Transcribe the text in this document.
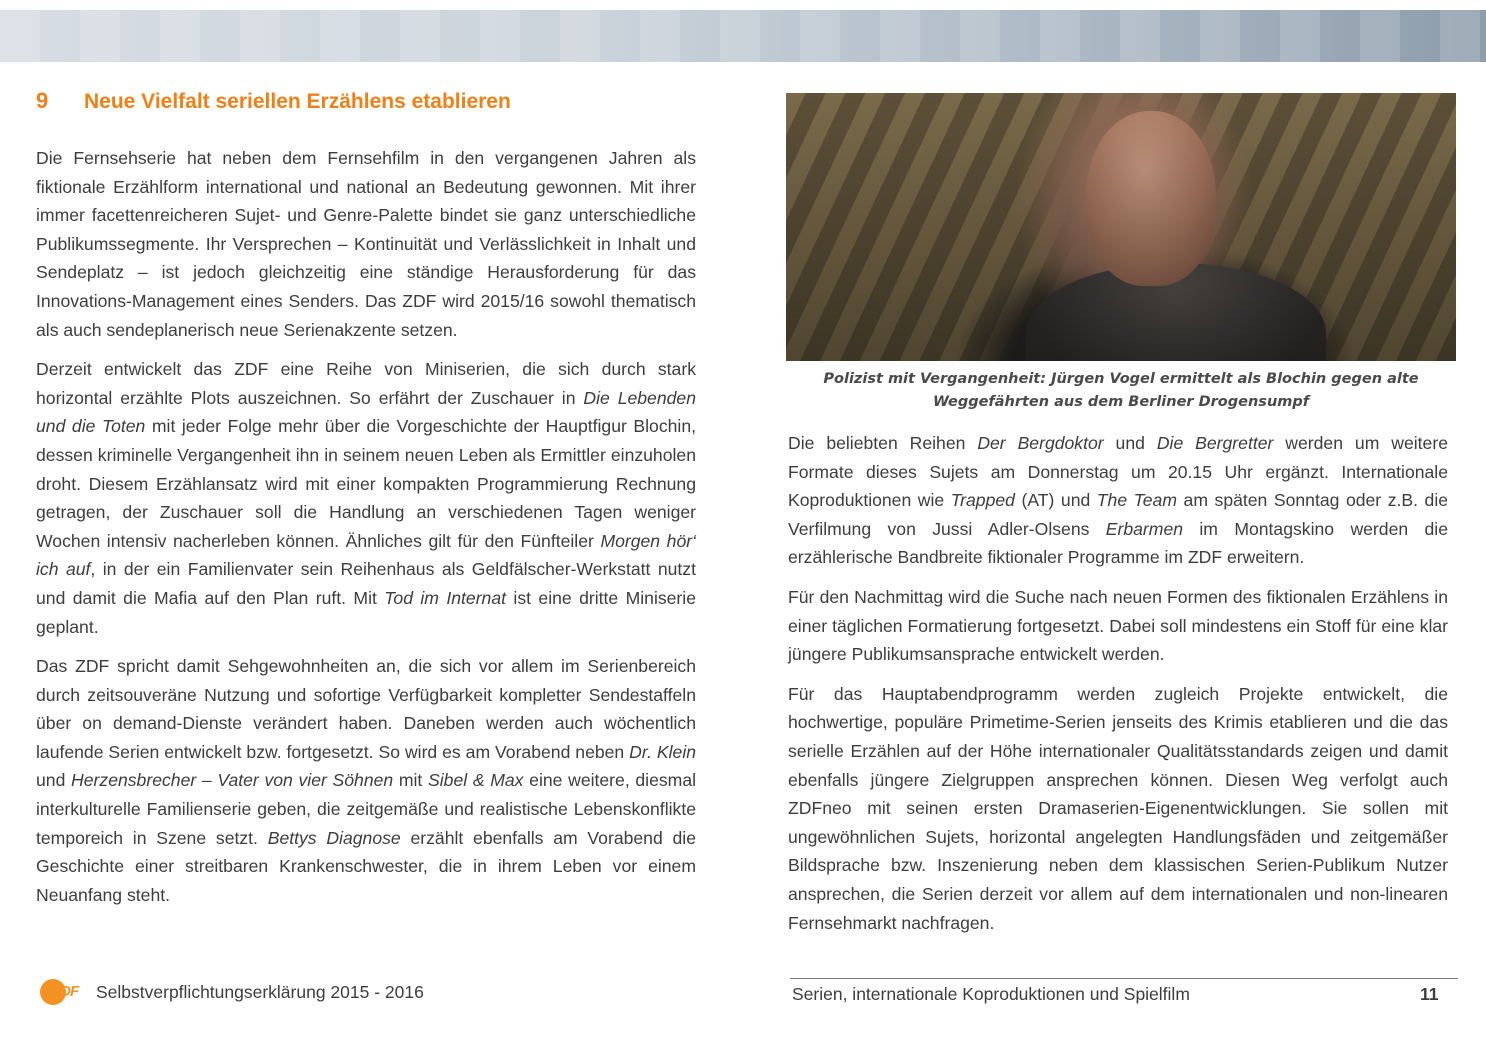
9 Neue Vielfalt seriellen Erzählens etablieren

Die Fernsehserie hat neben dem Fernsehfilm in den vergangenen Jahren als fiktionale Erzählform international und national an Bedeutung gewonnen. Mit ihrer immer facettenreicheren Sujet- und Genre-Palette bindet sie ganz unterschiedliche Publikumssegmente. Ihr Versprechen – Kontinuität und Verlässlichkeit in Inhalt und Sendeplatz – ist jedoch gleichzeitig eine ständige Herausforderung für das Innovations-Management eines Senders. Das ZDF wird 2015/16 sowohl thematisch als auch sendeplanerisch neue Serienakzente setzen.

Derzeit entwickelt das ZDF eine Reihe von Miniserien, die sich durch stark horizontal erzählte Plots auszeichnen. So erfährt der Zuschauer in Die Lebenden und die Toten mit jeder Folge mehr über die Vorgeschichte der Hauptfigur Blochin, dessen kriminelle Vergangenheit ihn in seinem neuen Leben als Ermittler einzuholen droht. Diesem Erzählansatz wird mit einer kompakten Programmierung Rechnung getragen, der Zuschauer soll die Handlung an verschiedenen Tagen weniger Wochen intensiv nacherleben können. Ähnliches gilt für den Fünfteiler Morgen hör‘ ich auf, in der ein Familienvater sein Reihenhaus als Geldfälscher-Werkstatt nutzt und damit die Mafia auf den Plan ruft. Mit Tod im Internat ist eine dritte Miniserie geplant.

Das ZDF spricht damit Sehgewohnheiten an, die sich vor allem im Serienbereich durch zeitsouveräne Nutzung und sofortige Verfügbarkeit kompletter Sendestaffeln über on demand-Dienste verändert haben. Daneben werden auch wöchentlich laufende Serien entwickelt bzw. fortgesetzt. So wird es am Vorabend neben Dr. Klein und Herzensbrecher – Vater von vier Söhnen mit Sibel & Max eine weitere, diesmal interkulturelle Familienserie geben, die zeitgemäße und realistische Lebenskonflikte temporeich in Szene setzt. Bettys Diagnose erzählt ebenfalls am Vorabend die Geschichte einer streitbaren Krankenschwester, die in ihrem Leben vor einem Neuanfang steht.

Polizist mit Vergangenheit: Jürgen Vogel ermittelt als Blochin gegen alte
Weggefährten aus dem Berliner Drogensumpf

Die beliebten Reihen Der Bergdoktor und Die Bergretter werden um weitere Formate dieses Sujets am Donnerstag um 20.15 Uhr ergänzt. Internationale Koproduktionen wie Trapped (AT) und The Team am späten Sonntag oder z.B. die Verfilmung von Jussi Adler-Olsens Erbarmen im Montagskino werden die erzählerische Bandbreite fiktionaler Programme im ZDF erweitern.

Für den Nachmittag wird die Suche nach neuen Formen des fiktionalen Erzählens in einer täglichen Formatierung fortgesetzt. Dabei soll mindestens ein Stoff für eine klar jüngere Publikumsansprache entwickelt werden.

Für das Hauptabendprogramm werden zugleich Projekte entwickelt, die hochwertige, populäre Primetime-Serien jenseits des Krimis etablieren und die das serielle Erzählen auf der Höhe internationaler Qualitätsstandards zeigen und damit ebenfalls jüngere Zielgruppen ansprechen können. Diesen Weg verfolgt auch ZDFneo mit seinen ersten Dramaserien-Eigenentwicklungen. Sie sollen mit ungewöhnlichen Sujets, horizontal angelegten Handlungsfäden und zeitgemäßer Bildsprache bzw. Inszenierung neben dem klassischen Serien-Publikum Nutzer ansprechen, die Serien derzeit vor allem auf dem internationalen und non-linearen Fernsehmarkt nachfragen.

ZDF Selbstverpflichtungserklärung 2015 - 2016	Serien, internationale Koproduktionen und Spielfilm	11
